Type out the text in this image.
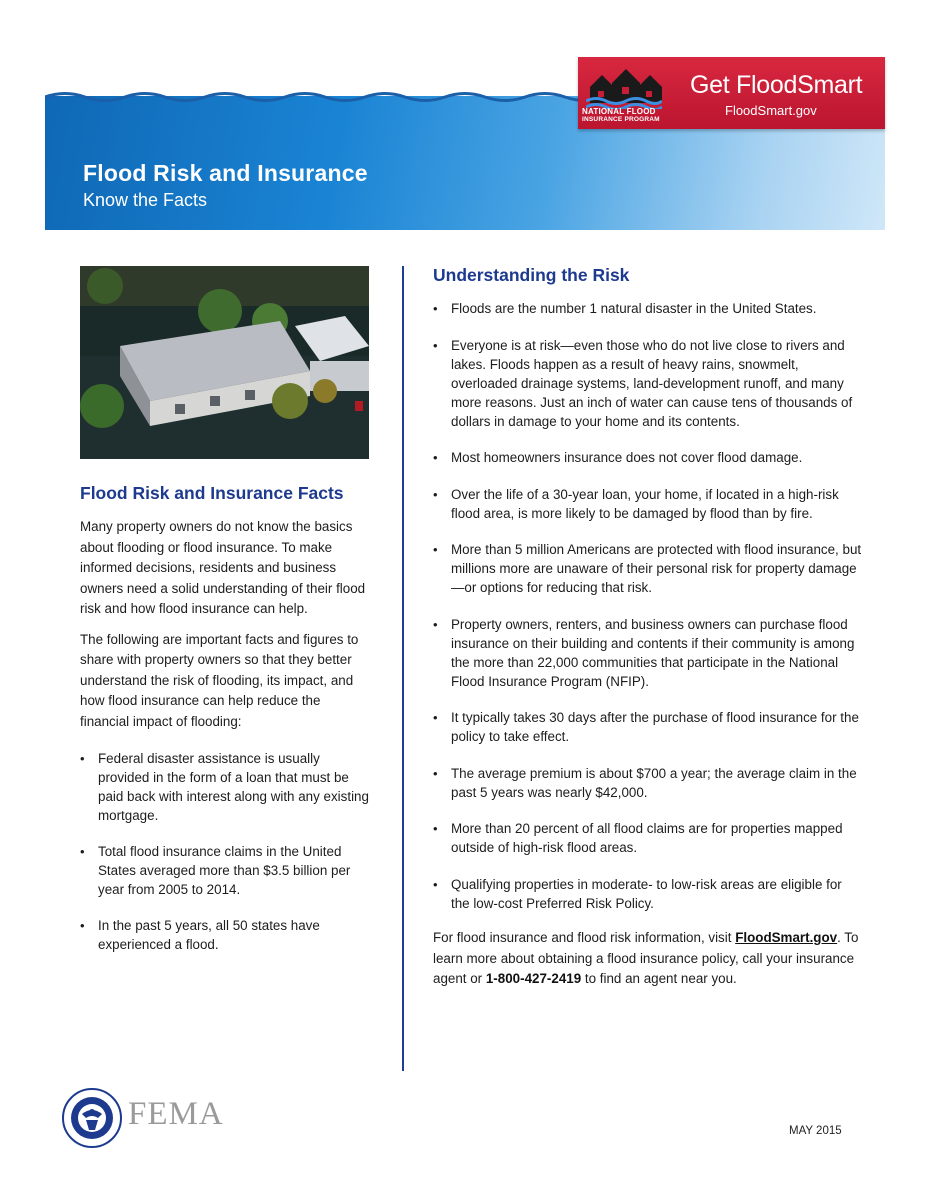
Flood Risk and Insurance
Know the Facts
NATIONAL FLOOD
INSURANCE PROGRAM
Get FloodSmart
FloodSmart.gov
Flood Risk and Insurance Facts

Many property owners do not know the basics about flooding or flood insurance. To make informed decisions, residents and business owners need a solid understanding of their flood risk and how flood insurance can help.

The following are important facts and figures to share with property owners so that they better understand the risk of flooding, its impact, and how flood insurance can help reduce the financial impact of flooding:

• Federal disaster assistance is usually provided in the form of a loan that must be paid back with interest along with any existing mortgage.
• Total flood insurance claims in the United States averaged more than $3.5 billion per year from 2005 to 2014.
• In the past 5 years, all 50 states have experienced a flood.
Understanding the Risk
• Floods are the number 1 natural disaster in the United States.
• Everyone is at risk—even those who do not live close to rivers and lakes. Floods happen as a result of heavy rains, snowmelt, overloaded drainage systems, land-development runoff, and many more reasons. Just an inch of water can cause tens of thousands of dollars in damage to your home and its contents.
• Most homeowners insurance does not cover flood damage.
• Over the life of a 30-year loan, your home, if located in a high-risk flood area, is more likely to be damaged by flood than by fire.
• More than 5 million Americans are protected with flood insurance, but millions more are unaware of their personal risk for property damage—or options for reducing that risk.
• Property owners, renters, and business owners can purchase flood insurance on their building and contents if their community is among the more than 22,000 communities that participate in the National Flood Insurance Program (NFIP).
• It typically takes 30 days after the purchase of flood insurance for the policy to take effect.
• The average premium is about $700 a year; the average claim in the past 5 years was nearly $42,000.
• More than 20 percent of all flood claims are for properties mapped outside of high-risk flood areas.
• Qualifying properties in moderate- to low-risk areas are eligible for the low-cost Preferred Risk Policy.
For flood insurance and flood risk information, visit FloodSmart.gov. To learn more about obtaining a flood insurance policy, call your insurance agent or 1-800-427-2419 to find an agent near you.
FEMA	MAY 2015
